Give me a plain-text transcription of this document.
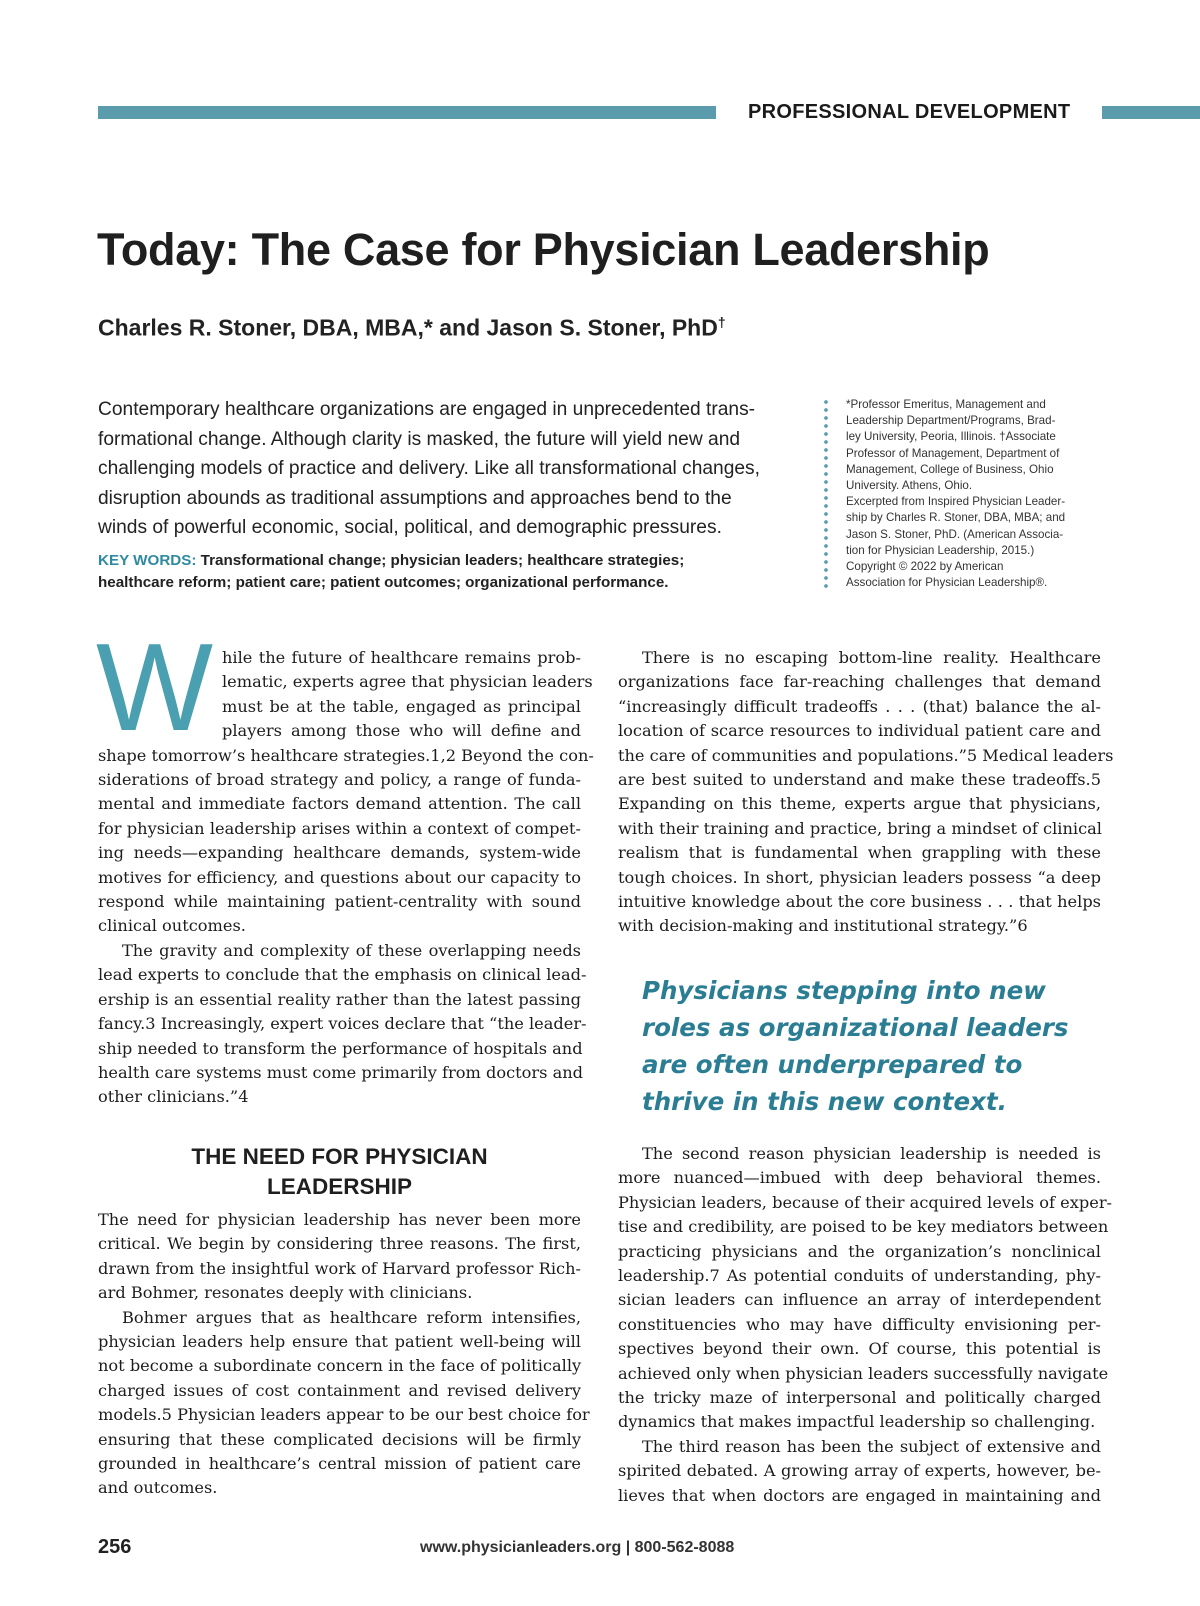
PROFESSIONAL DEVELOPMENT
Today: The Case for Physician Leadership
Charles R. Stoner, DBA, MBA,* and Jason S. Stoner, PhD†
Contemporary healthcare organizations are engaged in unprecedented trans-
formational change. Although clarity is masked, the future will yield new and
challenging models of practice and delivery. Like all transformational changes,
disruption abounds as traditional assumptions and approaches bend to the
winds of powerful economic, social, political, and demographic pressures.
KEY WORDS: Transformational change; physician leaders; healthcare strategies;
healthcare reform; patient care; patient outcomes; organizational performance.
*Professor Emeritus, Management and
Leadership Department/Programs, Brad-
ley University, Peoria, Illinois. †Associate
Professor of Management, Department of
Management, College of Business, Ohio
University. Athens, Ohio.
Excerpted from Inspired Physician Leader-
ship by Charles R. Stoner, DBA, MBA; and
Jason S. Stoner, PhD. (American Associa-
tion for Physician Leadership, 2015.)
Copyright © 2022 by American
Association for Physician Leadership®.
W hile the future of healthcare remains prob-
lematic, experts agree that physician leaders
must be at the table, engaged as principal
players among those who will define and
shape tomorrow’s healthcare strategies.1,2 Beyond the con-
siderations of broad strategy and policy, a range of funda-
mental and immediate factors demand attention. The call
for physician leadership arises within a context of compet-
ing needs—expanding healthcare demands, system-wide
motives for efficiency, and questions about our capacity to
respond while maintaining patient-centrality with sound
clinical outcomes.
The gravity and complexity of these overlapping needs
lead experts to conclude that the emphasis on clinical lead-
ership is an essential reality rather than the latest passing
fancy.3 Increasingly, expert voices declare that “the leader-
ship needed to transform the performance of hospitals and
health care systems must come primarily from doctors and
other clinicians.”4
THE NEED FOR PHYSICIAN
LEADERSHIP
The need for physician leadership has never been more
critical. We begin by considering three reasons. The first,
drawn from the insightful work of Harvard professor Rich-
ard Bohmer, resonates deeply with clinicians.
Bohmer argues that as healthcare reform intensifies,
physician leaders help ensure that patient well-being will
not become a subordinate concern in the face of politically
charged issues of cost containment and revised delivery
models.5 Physician leaders appear to be our best choice for
ensuring that these complicated decisions will be firmly
grounded in healthcare’s central mission of patient care
and outcomes.
There is no escaping bottom-line reality. Healthcare
organizations face far-reaching challenges that demand
“increasingly difficult tradeoffs . . . (that) balance the al-
location of scarce resources to individual patient care and
the care of communities and populations.”5 Medical leaders
are best suited to understand and make these tradeoffs.5
Expanding on this theme, experts argue that physicians,
with their training and practice, bring a mindset of clinical
realism that is fundamental when grappling with these
tough choices. In short, physician leaders possess “a deep
intuitive knowledge about the core business . . . that helps
with decision-making and institutional strategy.”6
Physicians stepping into new
roles as organizational leaders
are often underprepared to
thrive in this new context.
The second reason physician leadership is needed is
more nuanced—imbued with deep behavioral themes.
Physician leaders, because of their acquired levels of exper-
tise and credibility, are poised to be key mediators between
practicing physicians and the organization’s nonclinical
leadership.7 As potential conduits of understanding, phy-
sician leaders can influence an array of interdependent
constituencies who may have difficulty envisioning per-
spectives beyond their own. Of course, this potential is
achieved only when physician leaders successfully navigate
the tricky maze of interpersonal and politically charged
dynamics that makes impactful leadership so challenging.
The third reason has been the subject of extensive and
spirited debated. A growing array of experts, however, be-
lieves that when doctors are engaged in maintaining and
256	www.physicianleaders.org | 800-562-8088
